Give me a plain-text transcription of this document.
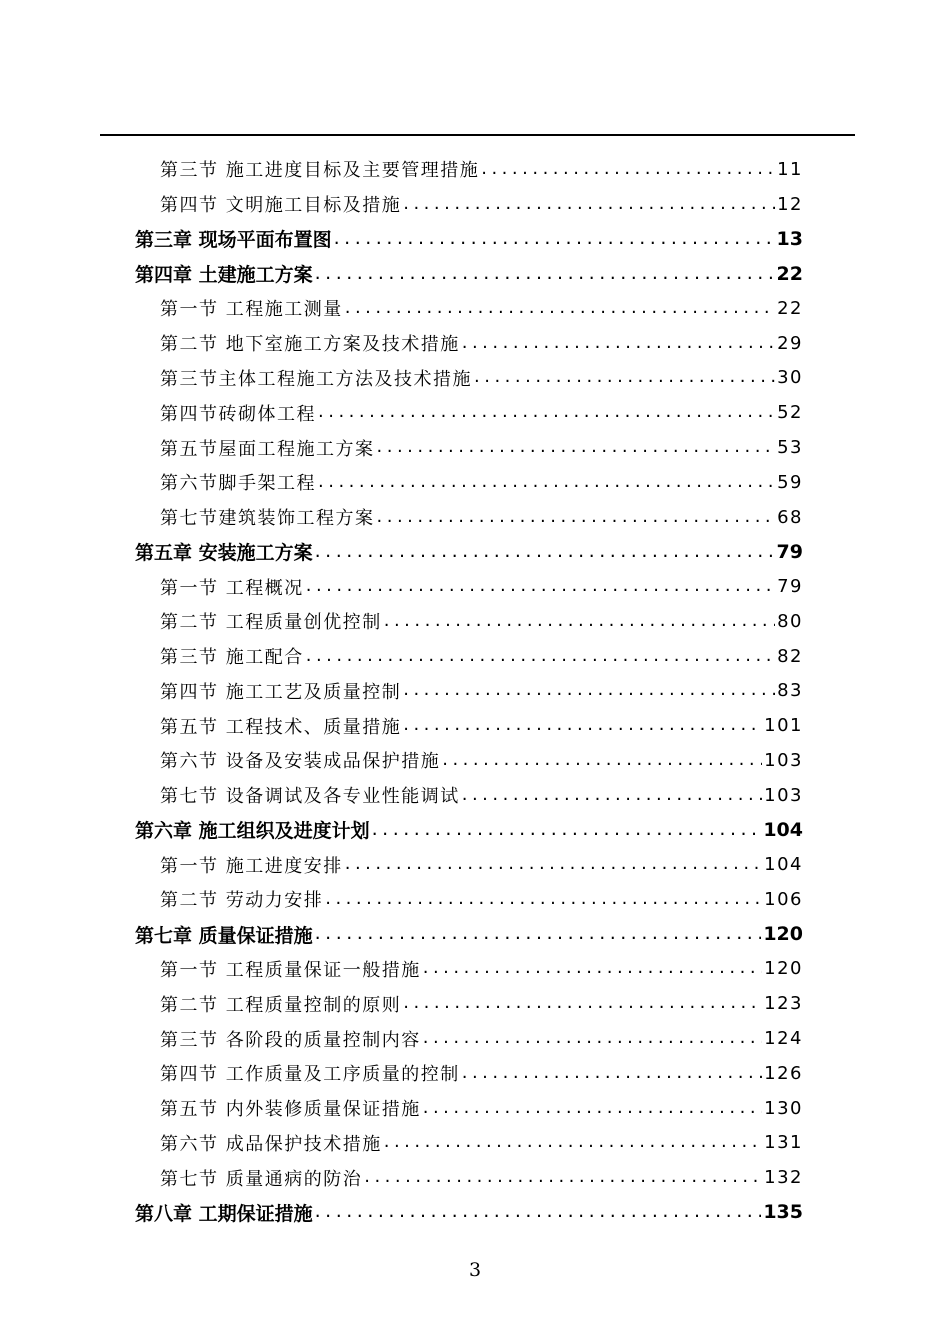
第三节 施工进度目标及主要管理措施 .....	11
第四节 文明施工目标及措施 .....	12
第三章 现场平面布置图 .....	13
第四章 土建施工方案 .....	22
第一节 工程施工测量 .....	22
第二节 地下室施工方案及技术措施 .....	29
第三节主体工程施工方法及技术措施 .....	30
第四节砖砌体工程 .....	52
第五节屋面工程施工方案 .....	53
第六节脚手架工程 .....	59
第七节建筑装饰工程方案 .....	68
第五章 安装施工方案 .....	79
第一节 工程概况 .....	79
第二节 工程质量创优控制 .....	80
第三节 施工配合 .....	82
第四节 施工工艺及质量控制 .....	83
第五节 工程技术、质量措施 .....	101
第六节 设备及安装成品保护措施 .....	103
第七节 设备调试及各专业性能调试 .....	103
第六章 施工组织及进度计划 .....	104
第一节 施工进度安排 .....	104
第二节 劳动力安排 .....	106
第七章 质量保证措施 .....	120
第一节 工程质量保证一般措施 .....	120
第二节 工程质量控制的原则 .....	123
第三节 各阶段的质量控制内容 .....	124
第四节 工作质量及工序质量的控制 .....	126
第五节 内外装修质量保证措施 .....	130
第六节 成品保护技术措施 .....	131
第七节 质量通病的防治 .....	132
第八章 工期保证措施 .....	135
3
